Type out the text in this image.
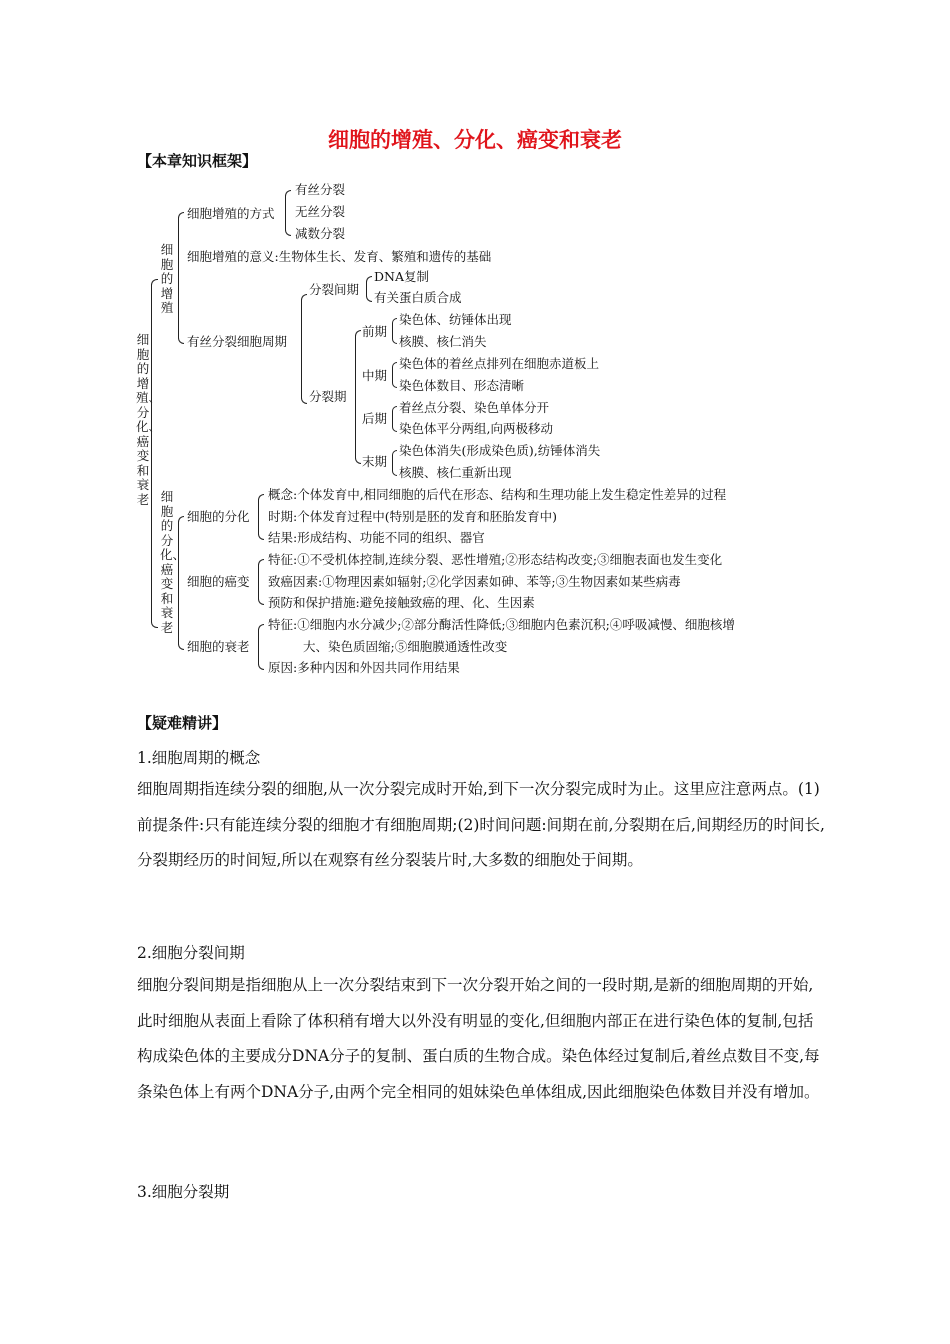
细胞的增殖、分化、癌变和衰老
【本章知识框架】
细胞的增殖、分化、癌变和衰老
细胞的增殖
细胞增殖的方式
有丝分裂
无丝分裂
减数分裂
细胞增殖的意义:生物体生长、发育、繁殖和遗传的基础
有丝分裂细胞周期
分裂间期
DNA复制
有关蛋白质合成
分裂期
前期
染色体、纺锤体出现
核膜、核仁消失
中期
染色体的着丝点排列在细胞赤道板上
染色体数目、形态清晰
后期
着丝点分裂、染色单体分开
染色体平分两组,向两极移动
末期
染色体消失(形成染色质),纺锤体消失
核膜、核仁重新出现
细胞的分化、癌变和衰老
细胞的分化
概念:个体发育中,相同细胞的后代在形态、结构和生理功能上发生稳定性差异的过程
时期:个体发育过程中(特别是胚的发育和胚胎发育中)
结果:形成结构、功能不同的组织、器官
细胞的癌变
特征:①不受机体控制,连续分裂、恶性增殖;②形态结构改变;③细胞表面也发生变化
致癌因素:①物理因素如辐射;②化学因素如砷、苯等;③生物因素如某些病毒
预防和保护措施:避免接触致癌的理、化、生因素
细胞的衰老
特征:①细胞内水分减少;②部分酶活性降低;③细胞内色素沉积;④呼吸减慢、细胞核增
大、染色质固缩;⑤细胞膜通透性改变
原因:多种内因和外因共同作用结果
【疑难精讲】
1.细胞周期的概念
细胞周期指连续分裂的细胞,从一次分裂完成时开始,到下一次分裂完成时为止。这里应注意两点。(1)前提条件:只有能连续分裂的细胞才有细胞周期;(2)时间问题:间期在前,分裂期在后,间期经历的时间长,分裂期经历的时间短,所以在观察有丝分裂装片时,大多数的细胞处于间期。
2.细胞分裂间期
细胞分裂间期是指细胞从上一次分裂结束到下一次分裂开始之间的一段时期,是新的细胞周期的开始,此时细胞从表面上看除了体积稍有增大以外没有明显的变化,但细胞内部正在进行染色体的复制,包括构成染色体的主要成分DNA分子的复制、蛋白质的生物合成。染色体经过复制后,着丝点数目不变,每条染色体上有两个DNA分子,由两个完全相同的姐妹染色单体组成,因此细胞染色体数目并没有增加。
3.细胞分裂期
